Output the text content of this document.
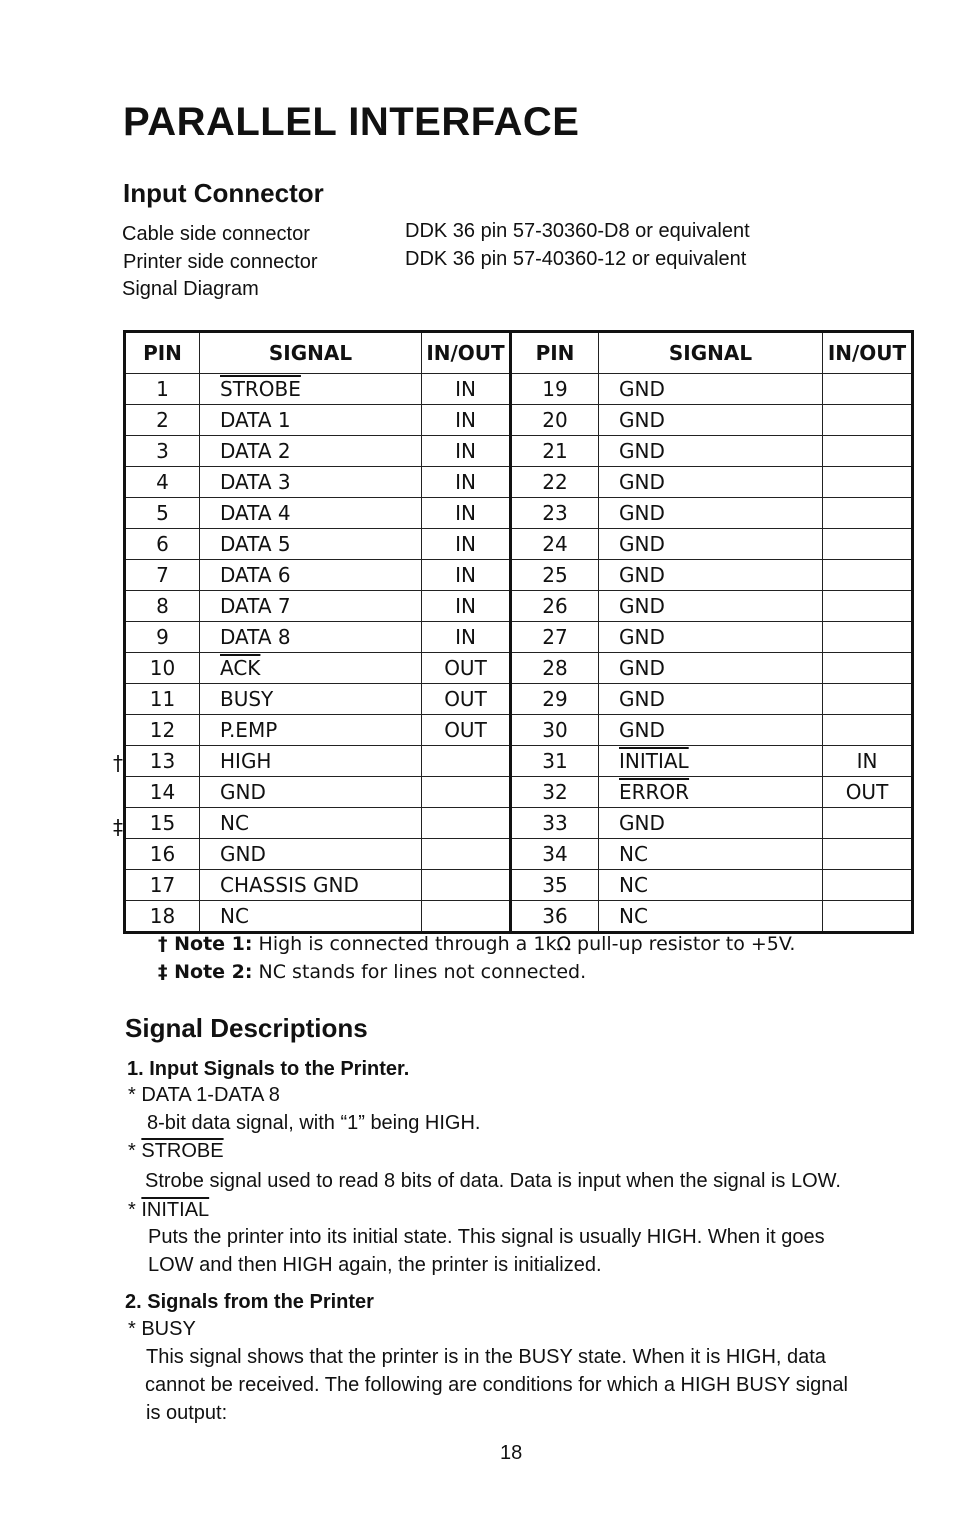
PARALLEL INTERFACE
Input Connector
Cable side connector	DDK 36 pin 57-30360-D8 or equivalent
Printer side connector	DDK 36 pin 57-40360-12 or equivalent
Signal Diagram
PIN	SIGNAL	IN/OUT	PIN	SIGNAL	IN/OUT
1	STROBE	IN	19	GND	
2	DATA 1	IN	20	GND	
3	DATA 2	IN	21	GND	
4	DATA 3	IN	22	GND	
5	DATA 4	IN	23	GND	
6	DATA 5	IN	24	GND	
7	DATA 6	IN	25	GND	
8	DATA 7	IN	26	GND	
9	DATA 8	IN	27	GND	
10	$\overline{ACK}$	OUT	28	GND	
11	BUSY	OUT	29	GND	
12	P.EMP	OUT	30	GND	
13	HIGH		31	INITIAL	IN
14	GND		32	ERROR	OUT
15	NC		33	GND	
16	GND		34	NC	
17	CHASSIS GND		35	NC	
18	NC		36	NC	
†
‡
† Note 1: High is connected through a 1kΩ pull-up resistor to +5V.
‡ Note 2: NC stands for lines not connected.
Signal Descriptions
1. Input Signals to the Printer.
* DATA 1-DATA 8
8-bit data signal, with “1” being HIGH.
* STROBE
Strobe signal used to read 8 bits of data. Data is input when the signal is LOW.
* INITIAL
Puts the printer into its initial state. This signal is usually HIGH. When it goes
LOW and then HIGH again, the printer is initialized.
2. Signals from the Printer
* BUSY
This signal shows that the printer is in the BUSY state. When it is HIGH, data
cannot be received. The following are conditions for which a HIGH BUSY signal
is output:
18
